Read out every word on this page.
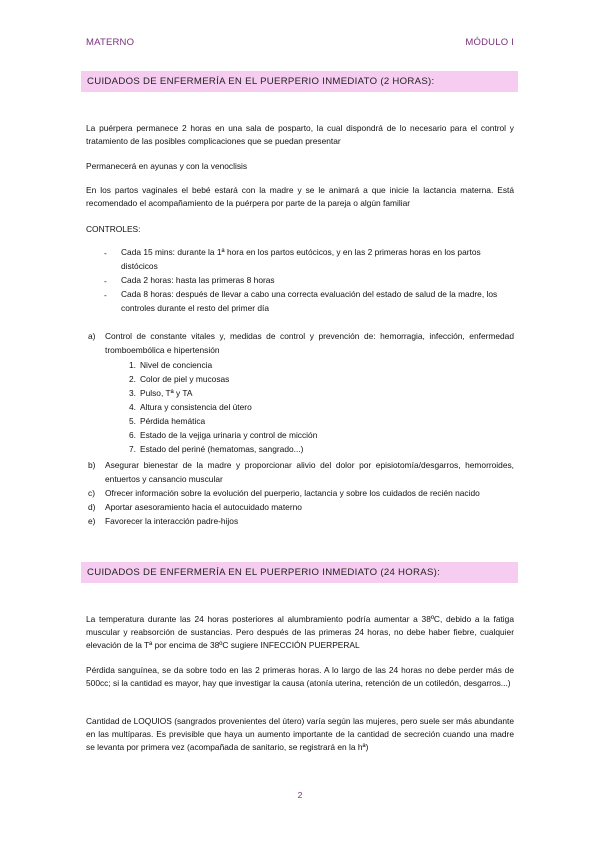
MATERNO	MÓDULO I
CUIDADOS DE ENFERMERÍA EN EL PUERPERIO INMEDIATO (2 HORAS):
La puérpera permanece 2 horas en una sala de posparto, la cual dispondrá de lo necesario para el control y tratamiento de las posibles complicaciones que se puedan presentar
Permanecerá en ayunas y con la venoclisis
En los partos vaginales el bebé estará con la madre y se le animará a que inicie la lactancia materna. Está recomendado el acompañamiento de la puérpera por parte de la pareja o algún familiar
CONTROLES:
- Cada 15 mins: durante la 1ª hora en los partos eutócicos, y en las 2 primeras horas en los partos distócicos
- Cada 2 horas: hasta las primeras 8 horas
- Cada 8 horas: después de llevar a cabo una correcta evaluación del estado de salud de la madre, los controles durante el resto del primer día
a) Control de constante vitales y, medidas de control y prevención de: hemorragia, infección, enfermedad tromboembólica e hipertensión
1. Nivel de conciencia
2. Color de piel y mucosas
3. Pulso, Tª y TA
4. Altura y consistencia del útero
5. Pérdida hemática
6. Estado de la vejiga urinaria y control de micción
7. Estado del periné (hematomas, sangrado...)
b) Asegurar bienestar de la madre y proporcionar alivio del dolor por episiotomía/desgarros, hemorroides, entuertos y cansancio muscular
c) Ofrecer información sobre la evolución del puerperio, lactancia y sobre los cuidados de recién nacido
d) Aportar asesoramiento hacia el autocuidado materno
e) Favorecer la interacción padre-hijos
CUIDADOS DE ENFERMERÍA EN EL PUERPERIO INMEDIATO (24 HORAS):
La temperatura durante las 24 horas posteriores al alumbramiento podría aumentar a 38ºC, debido a la fatiga muscular y reabsorción de sustancias. Pero después de las primeras 24 horas, no debe haber fiebre, cualquier elevación de la Tª por encima de 38ºC sugiere INFECCIÓN PUERPERAL
Pérdida sanguínea, se da sobre todo en las 2 primeras horas. A lo largo de las 24 horas no debe perder más de 500cc; si la cantidad es mayor, hay que investigar la causa (atonía uterina, retención de un cotiledón, desgarros...)
Cantidad de LOQUIOS (sangrados provenientes del útero) varía según las mujeres, pero suele ser más abundante en las multíparas. Es previsible que haya un aumento importante de la cantidad de secreción cuando una madre se levanta por primera vez (acompañada de sanitario, se registrará en la hª)
2
